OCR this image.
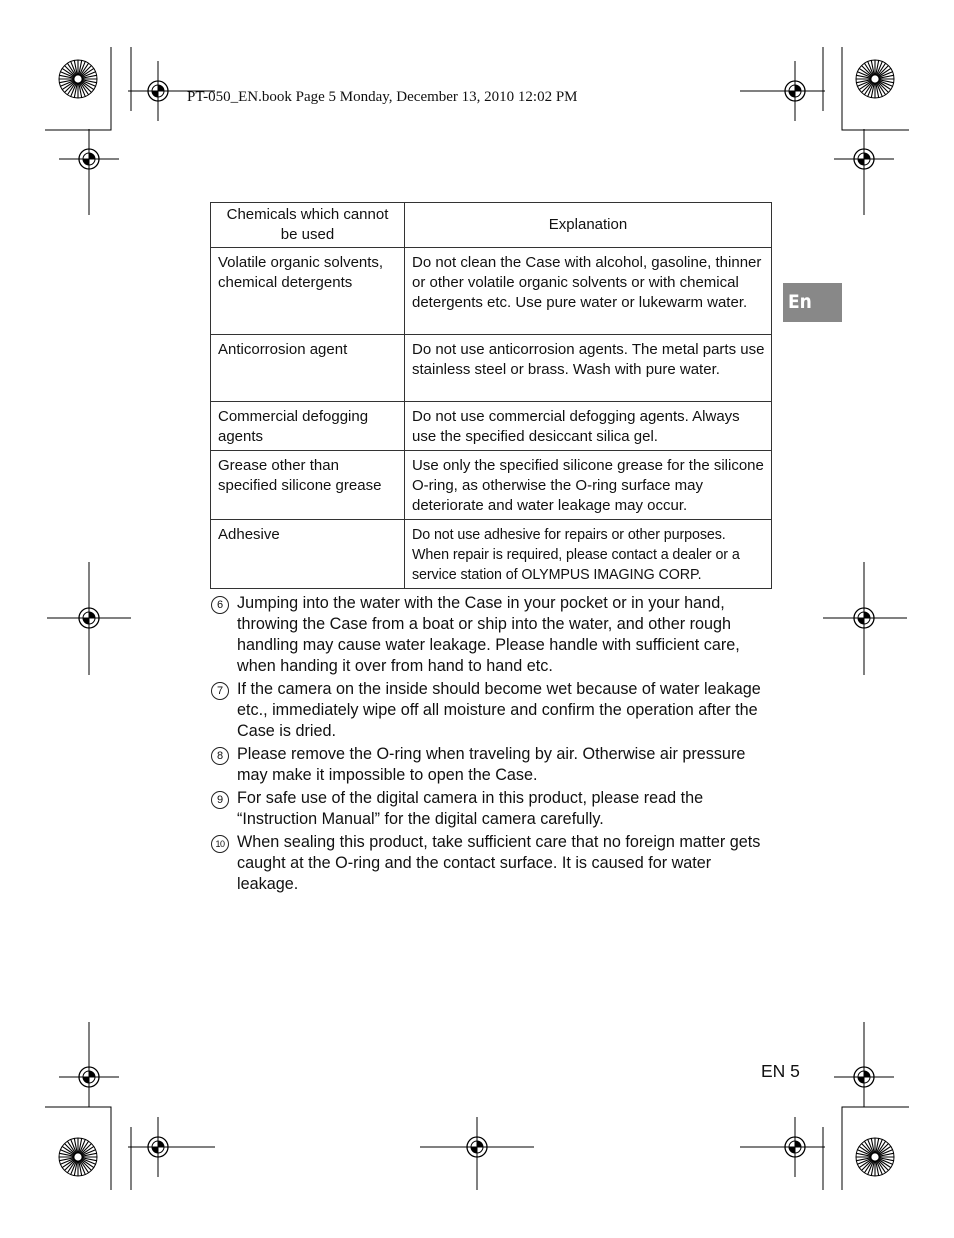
PT-050_EN.book Page 5 Monday, December 13, 2010 12:02 PM
En
Chemicals which cannot be used	Explanation
Volatile organic solvents, chemical detergents	Do not clean the Case with alcohol, gasoline, thinner or other volatile organic solvents or with chemical detergents etc. Use pure water or lukewarm water.
Anticorrosion agent	Do not use anticorrosion agents. The metal parts use stainless steel or brass. Wash with pure water.
Commercial defogging agents	Do not use commercial defogging agents. Always use the specified desiccant silica gel.
Grease other than specified silicone grease	Use only the specified silicone grease for the silicone O-ring, as otherwise the O-ring surface may deteriorate and water leakage may occur.
Adhesive	Do not use adhesive for repairs or other purposes. When repair is required, please contact a dealer or a service station of OLYMPUS IMAGING CORP.
6 Jumping into the water with the Case in your pocket or in your hand, throwing the Case from a boat or ship into the water, and other rough handling may cause water leakage. Please handle with sufficient care, when handing it over from hand to hand etc.
7 If the camera on the inside should become wet because of water leakage etc., immediately wipe off all moisture and confirm the operation after the Case is dried.
8 Please remove the O-ring when traveling by air. Otherwise air pressure may make it impossible to open the Case.
9 For safe use of the digital camera in this product, please read the “Instruction Manual” for the digital camera carefully.
10 When sealing this product, take sufficient care that no foreign matter gets caught at the O-ring and the contact surface. It is caused for water leakage.
EN 5
